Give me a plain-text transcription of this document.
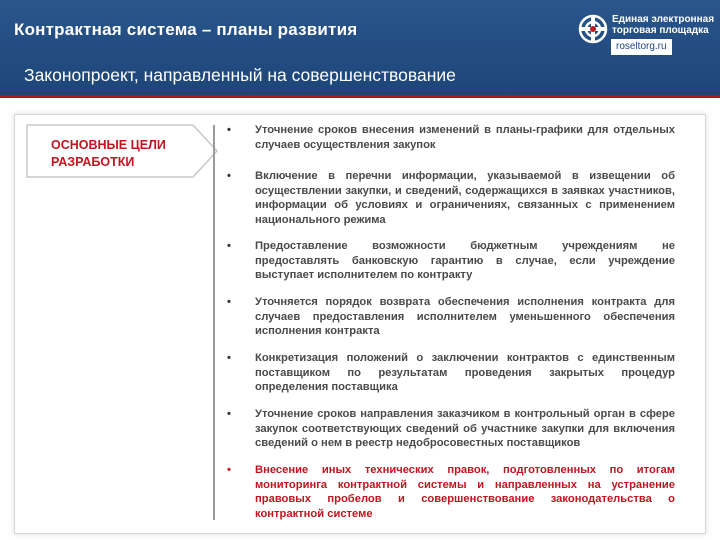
Контрактная система – планы развития
Законопроект, направленный на совершенствование
Единая электронная
торговая площадка
roseltorg.ru
ОСНОВНЫЕ ЦЕЛИ РАЗРАБОТКИ
•	Уточнение сроков внесения изменений в планы-графики для отдельных случаев осуществления закупок
•	Включение в перечни информации, указываемой в извещении об осуществлении закупки, и сведений, содержащихся в заявках участников, информации об условиях и ограничениях, связанных с применением национального режима
•	Предоставление возможности бюджетным учреждениям не предоставлять банковскую гарантию в случае, если учреждение выступает исполнителем по контракту
•	Уточняется порядок возврата обеспечения исполнения контракта для случаев предоставления исполнителем уменьшенного обеспечения исполнения контракта
•	Конкретизация положений о заключении контрактов с единственным поставщиком по результатам проведения закрытых процедур определения поставщика
•	Уточнение сроков направления заказчиком в контрольный орган в сфере закупок соответствующих сведений об участнике закупки для включения сведений о нем в реестр недобросовестных поставщиков
•	Внесение иных технических правок, подготовленных по итогам мониторинга контрактной системы и направленных на устранение правовых пробелов и совершенствование законодательства о контрактной системе
